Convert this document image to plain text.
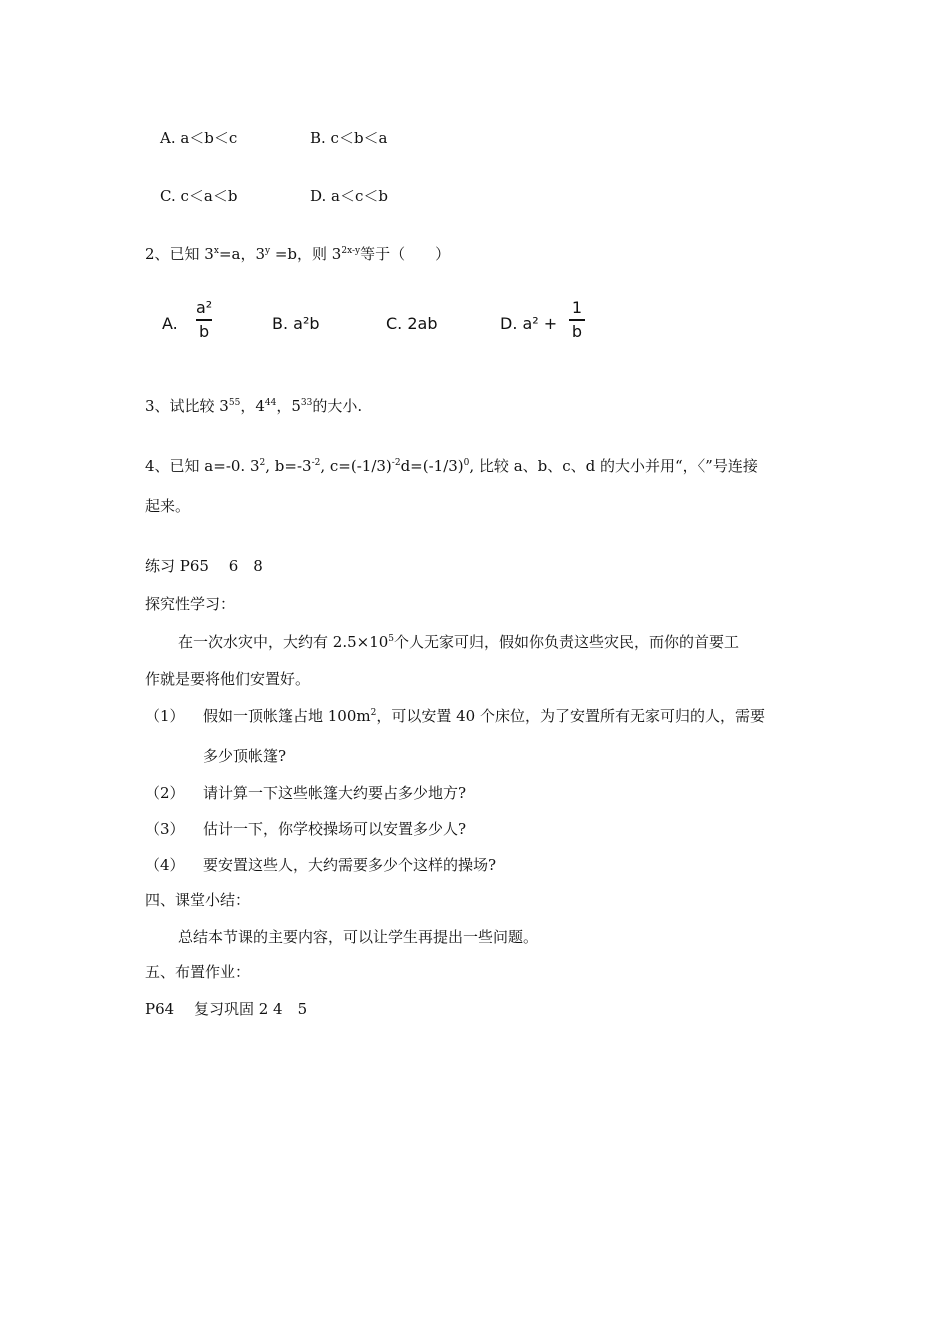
A. a＜b＜c	B. c＜b＜a
C. c＜a＜b	D. a＜c＜b
2、已知 $3^x=a$，$3^y =b$，则 $3^{2x-y}$等于（　　）
A.
a²
b	B. a²b	C. 2ab	D. a² +
1
b
3、试比较 $3^{55}$，$4^{44}$，$5^{33}$的大小.
4、已知 a=-0. $3^2$, $b=-3^{-2}$, $c=(-1/3)^{-2}d=(-1/3)^0$, 比较 a、b、c、d 的大小并用“，〈”号连接
起来。
练习 P65　 6　8
探究性学习：
在一次水灾中，大约有 $2.5\times 10^5$个人无家可归，假如你负责这些灾民，而你的首要工
作就是要将他们安置好。
（1） 假如一顶帐篷占地 $100m^2$，可以安置 40 个床位，为了安置所有无家可归的人，需要
多少顶帐篷?
（2） 请计算一下这些帐篷大约要占多少地方?
（3） 估计一下，你学校操场可以安置多少人?
（4） 要安置这些人，大约需要多少个这样的操场?
四、课堂小结：
总结本节课的主要内容，可以让学生再提出一些问题。
五、布置作业：
P64　 复习巩固 2 4　5
